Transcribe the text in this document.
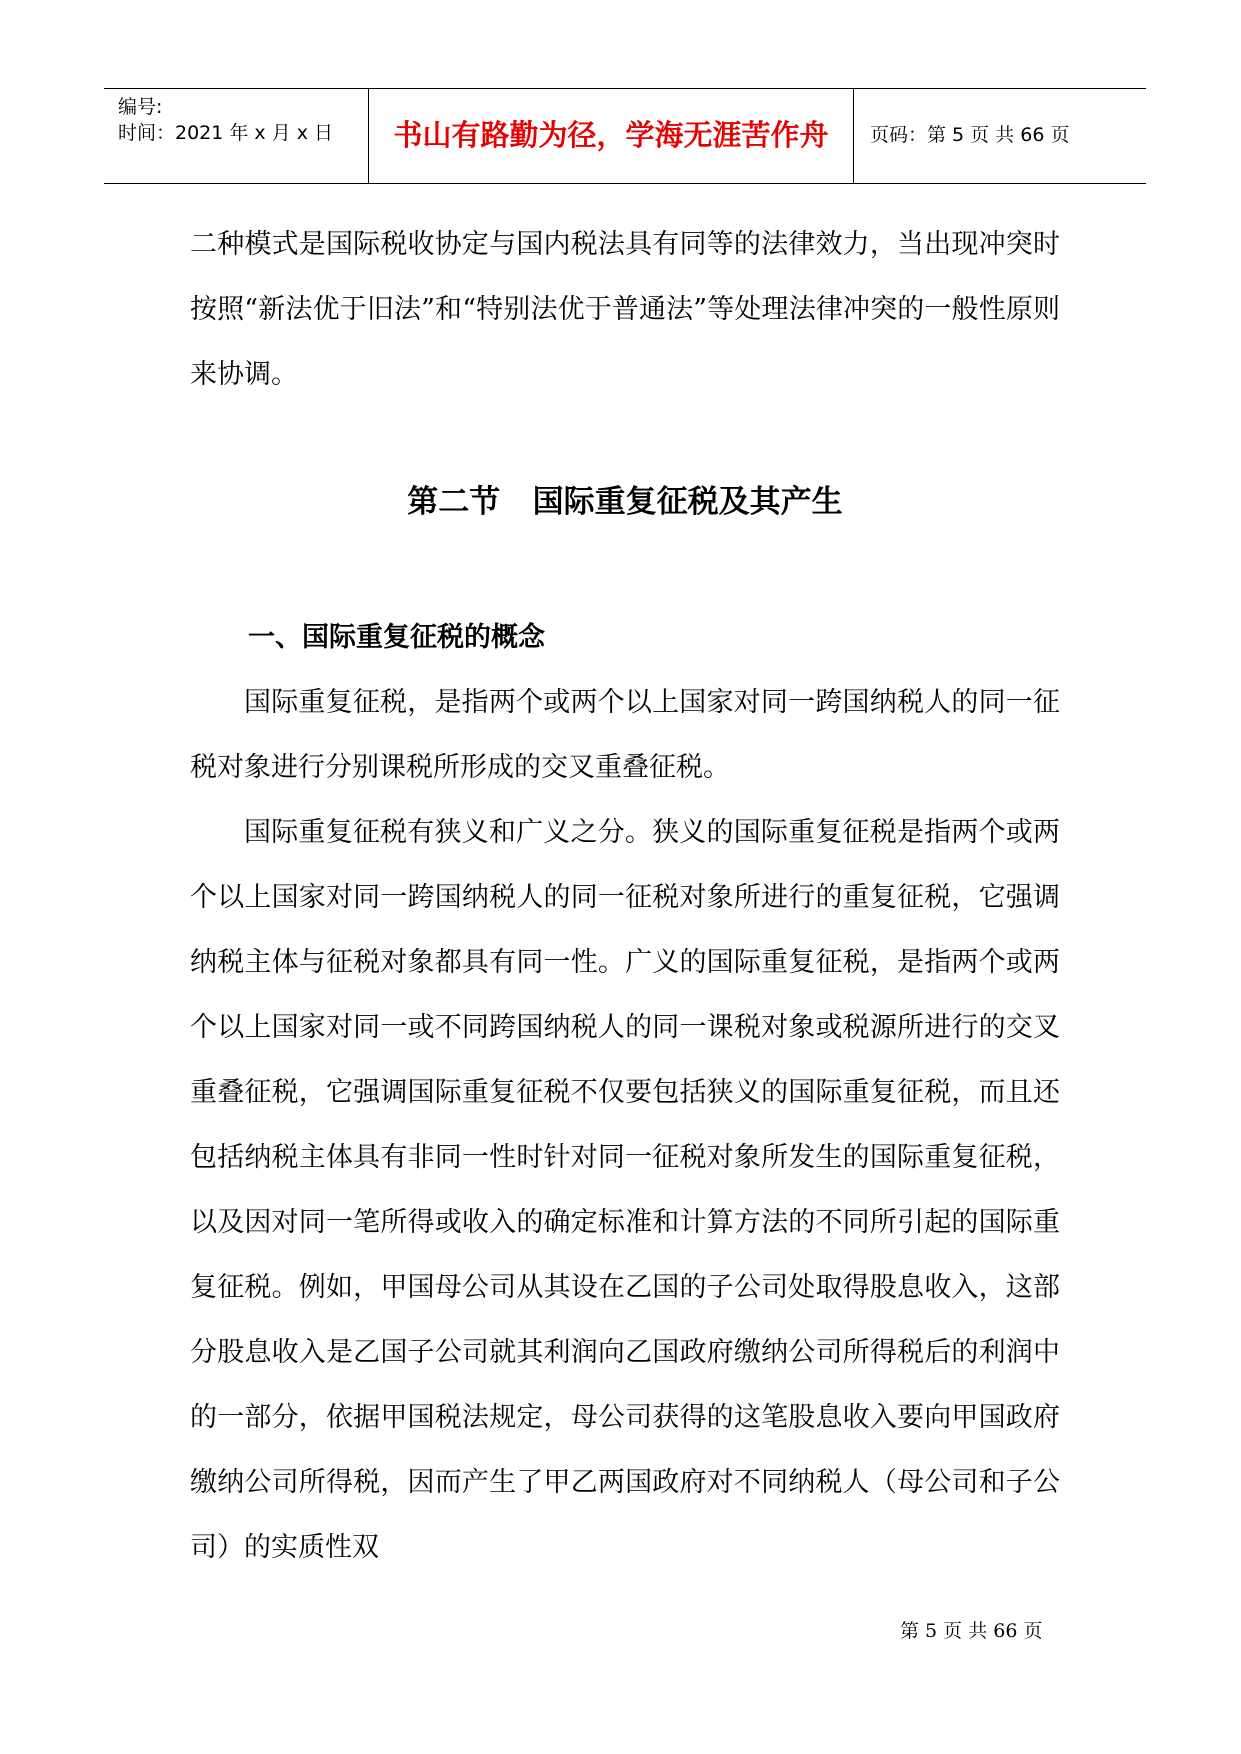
编号:
时间：2021 年 x 月 x 日	书山有路勤为径，学海无涯苦作舟	页码：第 5 页 共 66 页

二种模式是国际税收协定与国内税法具有同等的法律效力，当出现冲突时按照“新法优于旧法”和“特别法优于普通法”等处理法律冲突的一般性原则来协调。

第二节   国际重复征税及其产生
一、国际重复征税的概念

国际重复征税，是指两个或两个以上国家对同一跨国纳税人的同一征税对象进行分别课税所形成的交叉重叠征税。

国际重复征税有狭义和广义之分。狭义的国际重复征税是指两个或两个以上国家对同一跨国纳税人的同一征税对象所进行的重复征税，它强调纳税主体与征税对象都具有同一性。广义的国际重复征税，是指两个或两个以上国家对同一或不同跨国纳税人的同一课税对象或税源所进行的交叉重叠征税，它强调国际重复征税不仅要包括狭义的国际重复征税，而且还包括纳税主体具有非同一性时针对同一征税对象所发生的国际重复征税，以及因对同一笔所得或收入的确定标准和计算方法的不同所引起的国际重复征税。例如，甲国母公司从其设在乙国的子公司处取得股息收入，这部分股息收入是乙国子公司就其利润向乙国政府缴纳公司所得税后的利润中的一部分，依据甲国税法规定，母公司获得的这笔股息收入要向甲国政府缴纳公司所得税，因而产生了甲乙两国政府对不同纳税人（母公司和子公司）的实质性双

第 5 页 共 66 页
